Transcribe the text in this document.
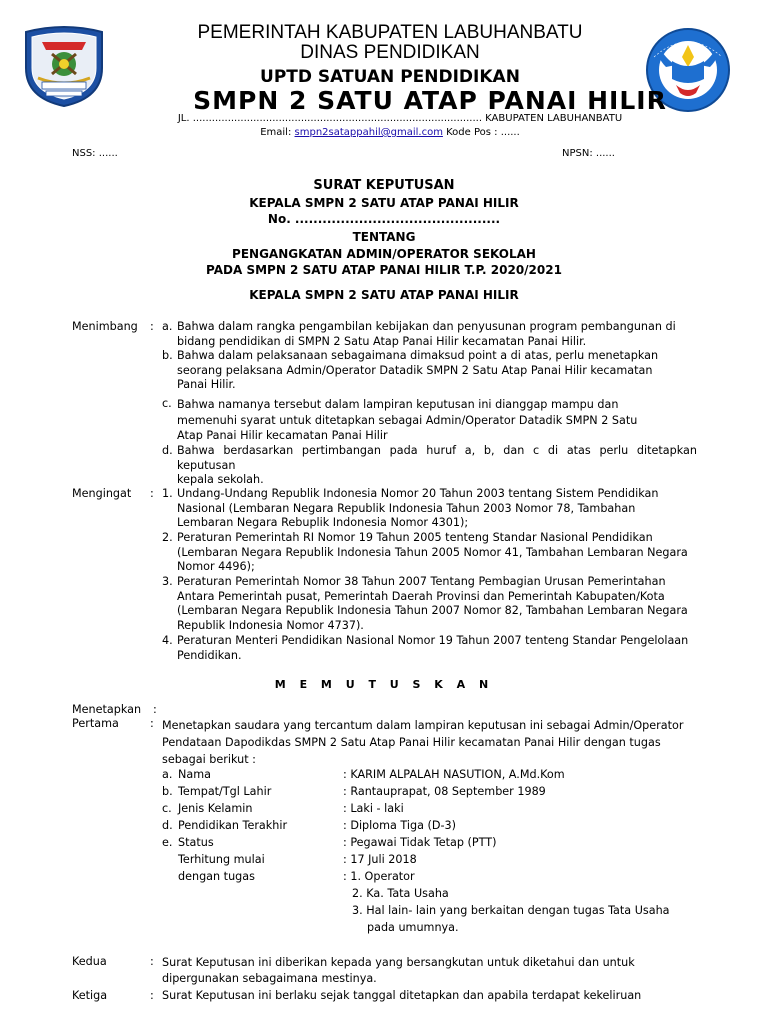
PEMERINTAH KABUPATEN LABUHANBATU
DINAS PENDIDIKAN
UPTD SATUAN PENDIDIKAN
SMPN 2 SATU ATAP PANAI HILIR
JL. ........................................................................................... KABUPATEN LABUHANBATU
Email: smpn2satappahil@gmail.com Kode Pos : ......
NSS: ......	NPSN: ......
SURAT KEPUTUSAN
KEPALA SMPN 2 SATU ATAP PANAI HILIR
No. .............................................
TENTANG
PENGANGKATAN ADMIN/OPERATOR SEKOLAH
PADA SMPN 2 SATU ATAP PANAI HILIR T.P. 2020/2021
KEPALA SMPN 2 SATU ATAP PANAI HILIR
Menimbang : a. Bahwa dalam rangka pengambilan kebijakan dan penyusunan program pembangunan di
bidang pendidikan di SMPN 2 Satu Atap Panai Hilir kecamatan Panai Hilir.
b. Bahwa dalam pelaksanaan sebagaimana dimaksud point a di atas, perlu menetapkan
seorang pelaksana Admin/Operator Datadik SMPN 2 Satu Atap Panai Hilir kecamatan
Panai Hilir.
c. Bahwa namanya tersebut dalam lampiran keputusan ini dianggap mampu dan
memenuhi syarat untuk ditetapkan sebagai Admin/Operator Datadik SMPN 2 Satu
Atap Panai Hilir kecamatan Panai Hilir
d. Bahwa berdasarkan pertimbangan pada huruf a, b, dan c di atas perlu ditetapkan keputusan
kepala sekolah.
Mengingat : 1. Undang-Undang Republik Indonesia Nomor 20 Tahun 2003 tentang Sistem Pendidikan
Nasional (Lembaran Negara Republik Indonesia Tahun 2003 Nomor 78, Tambahan
Lembaran Negara Rebuplik Indonesia Nomor 4301);
2. Peraturan Pemerintah RI Nomor 19 Tahun 2005 tenteng Standar Nasional Pendidikan
(Lembaran Negara Republik Indonesia Tahun 2005 Nomor 41, Tambahan Lembaran Negara
Nomor 4496);
3. Peraturan Pemerintah Nomor 38 Tahun 2007 Tentang Pembagian Urusan Pemerintahan
Antara Pemerintah pusat, Pemerintah Daerah Provinsi dan Pemerintah Kabupaten/Kota
(Lembaran Negara Republik Indonesia Tahun 2007 Nomor 82, Tambahan Lembaran Negara
Republik Indonesia Nomor 4737).
4. Peraturan Menteri Pendidikan Nasional Nomor 19 Tahun 2007 tenteng Standar Pengelolaan
Pendidikan.
M E M U T U S K A N
Menetapkan :
Pertama	: Menetapkan saudara yang tercantum dalam lampiran keputusan ini sebagai Admin/Operator
Pendataan Dapodikdas SMPN 2 Satu Atap Panai Hilir kecamatan Panai Hilir dengan tugas
sebagai berikut :
a. Nama	: KARIM ALPALAH NASUTION, A.Md.Kom
b. Tempat/Tgl Lahir	: Rantauprapat, 08 September 1989
c. Jenis Kelamin	: Laki - laki
d. Pendidikan Terakhir	: Diploma Tiga (D-3)
e. Status	: Pegawai Tidak Tetap (PTT)
Terhitung mulai	: 17 Juli 2018
dengan tugas	: 1. Operator
2. Ka. Tata Usaha
3. Hal lain- lain yang berkaitan dengan tugas Tata Usaha
pada umumnya.
Kedua	: Surat Keputusan ini diberikan kepada yang bersangkutan untuk diketahui dan untuk
dipergunakan sebagaimana mestinya.
Ketiga	: Surat Keputusan ini berlaku sejak tanggal ditetapkan dan apabila terdapat kekeliruan
